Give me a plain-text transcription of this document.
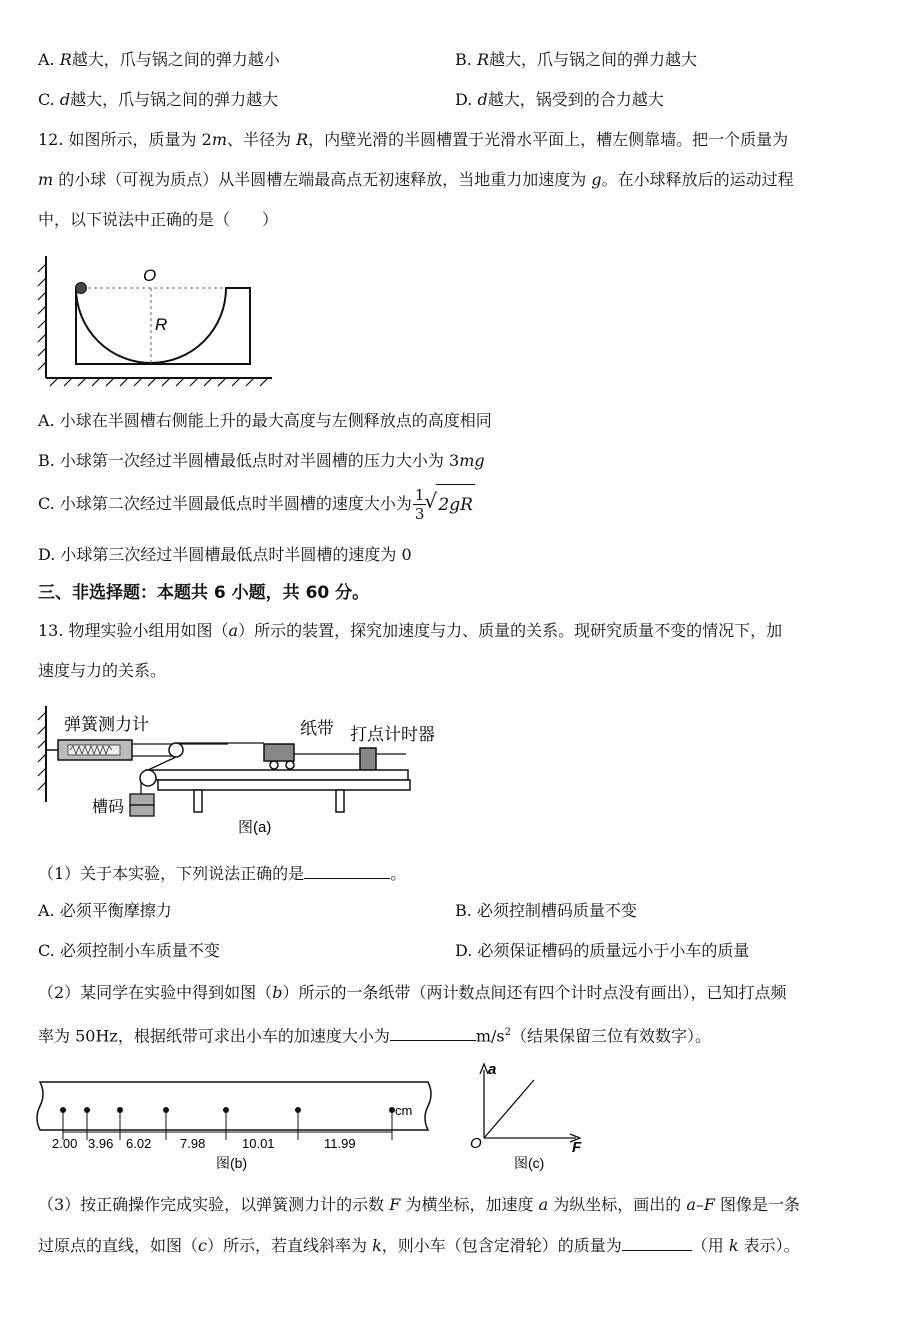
A. R越大，爪与锅之间的弹力越小	B. R越大，爪与锅之间的弹力越大
C. d越大，爪与锅之间的弹力越大	D. d越大，锅受到的合力越大
12. 如图所示，质量为 2m、半径为 R，内壁光滑的半圆槽置于光滑水平面上，槽左侧靠墙。把一个质量为
m 的小球（可视为质点）从半圆槽左端最高点无初速释放，当地重力加速度为 g。在小球释放后的运动过程
中，以下说法中正确的是（　　）
O
R
A. 小球在半圆槽右侧能上升的最大高度与左侧释放点的高度相同
B. 小球第一次经过半圆槽最低点时对半圆槽的压力大小为 3mg
C. 小球第二次经过半圆最低点时半圆槽的速度大小为 $\frac{1}{3}$ √ 2gR
D. 小球第三次经过半圆槽最低点时半圆槽的速度为 0
三、非选择题：本题共 6 小题，共 60 分。
13. 物理实验小组用如图（a）所示的装置，探究加速度与力、质量的关系。现研究质量不变的情况下，加
速度与力的关系。
弹簧测力计	纸带 打点计时器
槽码
图(a)
（1）关于本实验，下列说法正确的是	。
A. 必须平衡摩擦力	B. 必须控制槽码质量不变
C. 必须控制小车质量不变	D. 必须保证槽码的质量远小于小车的质量
（2）某同学在实验中得到如图（b）所示的一条纸带（两计数点间还有四个计时点没有画出），已知打点频
率为 50Hz，根据纸带可求出小车的加速度大小为	$m/s^2$（结果保留三位有效数字）。
cm
2.00 3.96 6.02 7.98	10.01	11.99
图(b)
a
O	F
图(c)
（3）按正确操作完成实验，以弹簧测力计的示数 F 为横坐标，加速度 a 为纵坐标，画出的 a–F 图像是一条
过原点的直线，如图（c）所示，若直线斜率为 k，则小车（包含定滑轮）的质量为	（用 k 表示）。
